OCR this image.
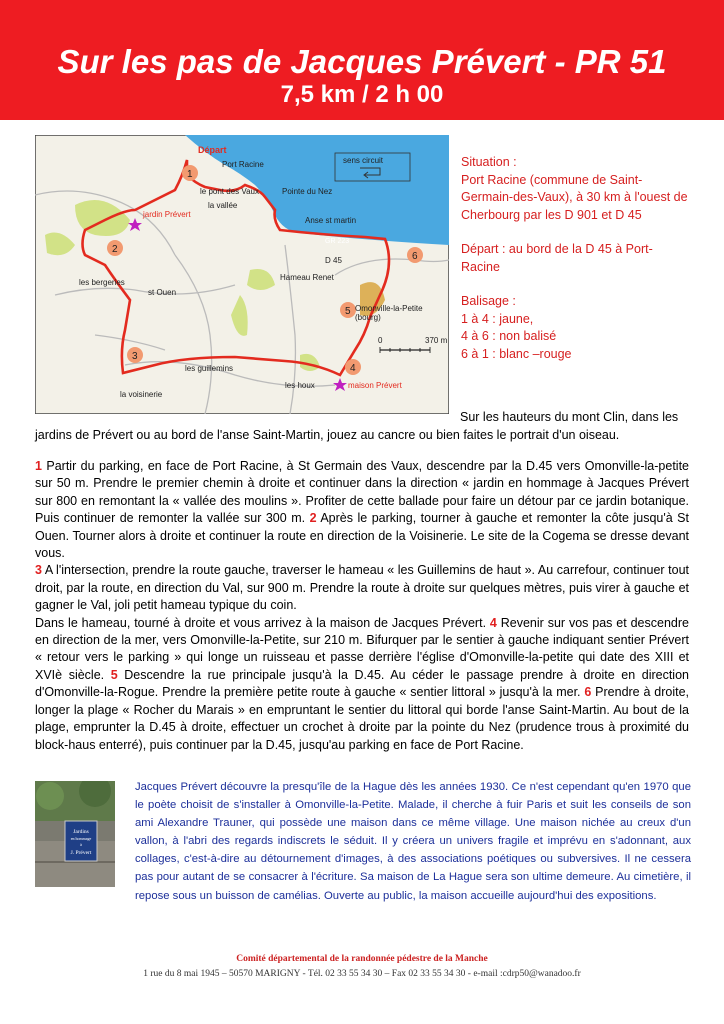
Sur les pas de Jacques Prévert - PR 51
7,5 km / 2 h 00
sens circuit
1
2
3
4
5
6
Départ
Port Racine
le pont des Vaux	Pointe du Nez
la vallée
jardin Prévert
Anse st martin
GR 223
D 45
Hameau Renet
les bergeries
st Ouen
Omonville-la-Petite
(bourg)
les guillemins
la voisinerie
les houx	maison Prévert
0	370 m

Situation :

Port Racine (commune de Saint-Germain-des-Vaux), à 30 km à l'ouest de Cherbourg par les D 901 et D 45

Départ : au bord de la D 45 à Port-Racine

Balisage :

1 à 4 : jaune,

4 à 6 : non balisé

6 à 1 : blanc –rouge

Sur les hauteurs du mont Clin, dans les
jardins de Prévert ou au bord de l'anse Saint-Martin, jouez au cancre ou bien faites le portrait d'un oiseau.

1 Partir du parking, en face de Port Racine, à St Germain des Vaux, descendre par la D.45 vers Omonville-la-petite sur 50 m. Prendre le premier chemin à droite et continuer dans la direction « jardin en hommage à Jacques Prévert sur 800 en remontant la « vallée des moulins ». Profiter de cette ballade pour faire un détour par ce jardin botanique. Puis continuer de remonter la vallée sur 300 m. 2 Après le parking, tourner à gauche et remonter la côte jusqu'à St Ouen. Tourner alors à droite et continuer la route en direction de la Voisinerie. Le site de la Cogema se dresse devant vous.

3 A l'intersection, prendre la route gauche, traverser le hameau « les Guillemins de haut ». Au carrefour, continuer tout droit, par la route, en direction du Val, sur 900 m. Prendre la route à droite sur quelques mètres, puis virer à gauche et gagner le Val, joli petit hameau typique du coin.

Dans le hameau, tourné à droite et vous arrivez à la maison de Jacques Prévert. 4 Revenir sur vos pas et descendre en direction de la mer, vers Omonville-la-Petite, sur 210 m. Bifurquer par le sentier à gauche indiquant sentier Prévert « retour vers le parking » qui longe un ruisseau et passe derrière l'église d'Omonville-la-petite qui date des XIII et XVIè siècle. 5 Descendre la rue principale jusqu'à la D.45. Au céder le passage prendre à droite en direction d'Omonville-la-Rogue. Prendre la première petite route à gauche « sentier littoral » jusqu'à la mer. 6 Prendre à droite, longer la plage « Rocher du Marais » en empruntant le sentier du littoral qui borde l'anse Saint-Martin. Au bout de la plage, emprunter la D.45 à droite, effectuer un crochet à droite par la pointe du Nez (prudence trous à proximité du block-haus enterré), puis continuer par la D.45, jusqu'au parking en face de Port Racine.

Jardins
en hommage
à
J. Prévert
Jacques Prévert découvre la presqu'île de la Hague dès les années 1930. Ce n'est cependant qu'en 1970 que le poète choisit de s'installer à Omonville-la-Petite. Malade, il cherche à fuir Paris et suit les conseils de son ami Alexandre Trauner, qui possède une maison dans ce même village. Une maison nichée au creux d'un vallon, à l'abri des regards indiscrets le séduit. Il y créera un univers fragile et imprévu en s'adonnant, aux collages, c'est-à-dire au détournement d'images, à des associations poétiques ou subversives. Il ne cessera pas pour autant de se consacrer à l'écriture. Sa maison de La Hague sera son ultime demeure. Au cimetière, il repose sous un buisson de camélias. Ouverte au public, la maison accueille aujourd'hui des expositions.
Comité départemental de la randonnée pédestre de la Manche
1 rue du 8 mai 1945 – 50570 MARIGNY - Tél. 02 33 55 34 30 – Fax 02 33 55 34 30 - e-mail :cdrp50@wanadoo.fr
